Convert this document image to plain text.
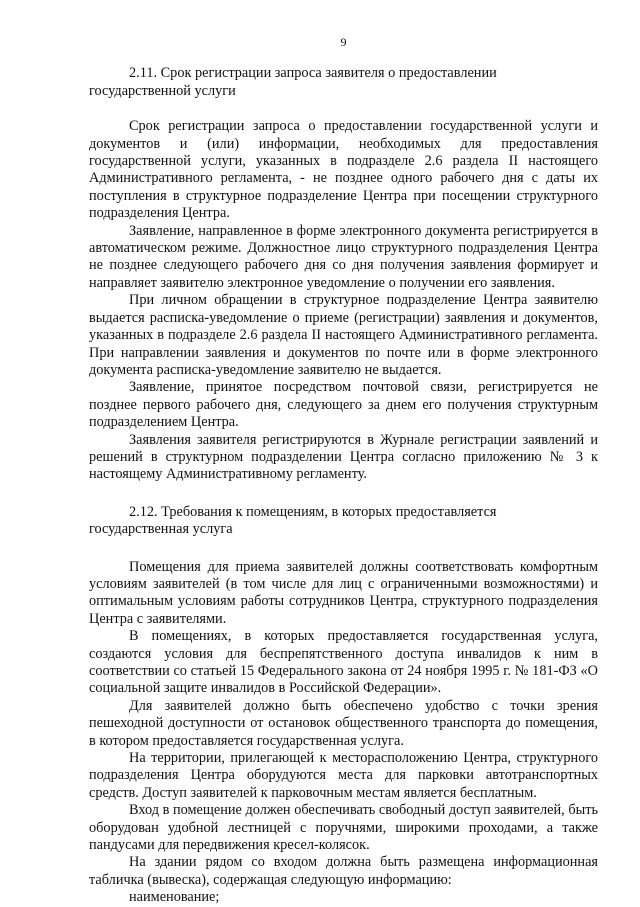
9

2.11. Срок регистрации запроса заявителя о предоставлении государственной услуги

Срок регистрации запроса о предоставлении государственной услуги и документов и (или) информации, необходимых для предоставления государственной услуги, указанных в подразделе 2.6 раздела II настоящего Административного регламента, - не позднее одного рабочего дня с даты их поступления в структурное подразделение Центра при посещении структурного подразделения Центра.

Заявление, направленное в форме электронного документа регистрируется в автоматическом режиме. Должностное лицо структурного подразделения Центра не позднее следующего рабочего дня со дня получения заявления формирует и направляет заявителю электронное уведомление о получении его заявления.

При личном обращении в структурное подразделение Центра заявителю выдается расписка-уведомление о приеме (регистрации) заявления и документов, указанных в подразделе 2.6 раздела II настоящего Административного регламента. При направлении заявления и документов по почте или в форме электронного документа расписка-уведомление заявителю не выдается.

Заявление, принятое посредством почтовой связи, регистрируется не позднее первого рабочего дня, следующего за днем его получения структурным подразделением Центра.

Заявления заявителя регистрируются в Журнале регистрации заявлений и решений в структурном подразделении Центра согласно приложению № 3 к настоящему Административному регламенту.

2.12. Требования к помещениям, в которых предоставляется государственная услуга

Помещения для приема заявителей должны соответствовать комфортным условиям заявителей (в том числе для лиц с ограниченными возможностями) и оптимальным условиям работы сотрудников Центра, структурного подразделения Центра с заявителями.

В помещениях, в которых предоставляется государственная услуга, создаются условия для беспрепятственного доступа инвалидов к ним в соответствии со статьей 15 Федерального закона от 24 ноября 1995 г. № 181-ФЗ «О социальной защите инвалидов в Российской Федерации».

Для заявителей должно быть обеспечено удобство с точки зрения пешеходной доступности от остановок общественного транспорта до помещения, в котором предоставляется государственная услуга.

На территории, прилегающей к месторасположению Центра, структурного подразделения Центра оборудуются места для парковки автотранспортных средств. Доступ заявителей к парковочным местам является бесплатным.

Вход в помещение должен обеспечивать свободный доступ заявителей, быть оборудован удобной лестницей с поручнями, широкими проходами, а также пандусами для передвижения кресел-колясок.

На здании рядом со входом должна быть размещена информационная табличка (вывеска), содержащая следующую информацию:

наименование;
